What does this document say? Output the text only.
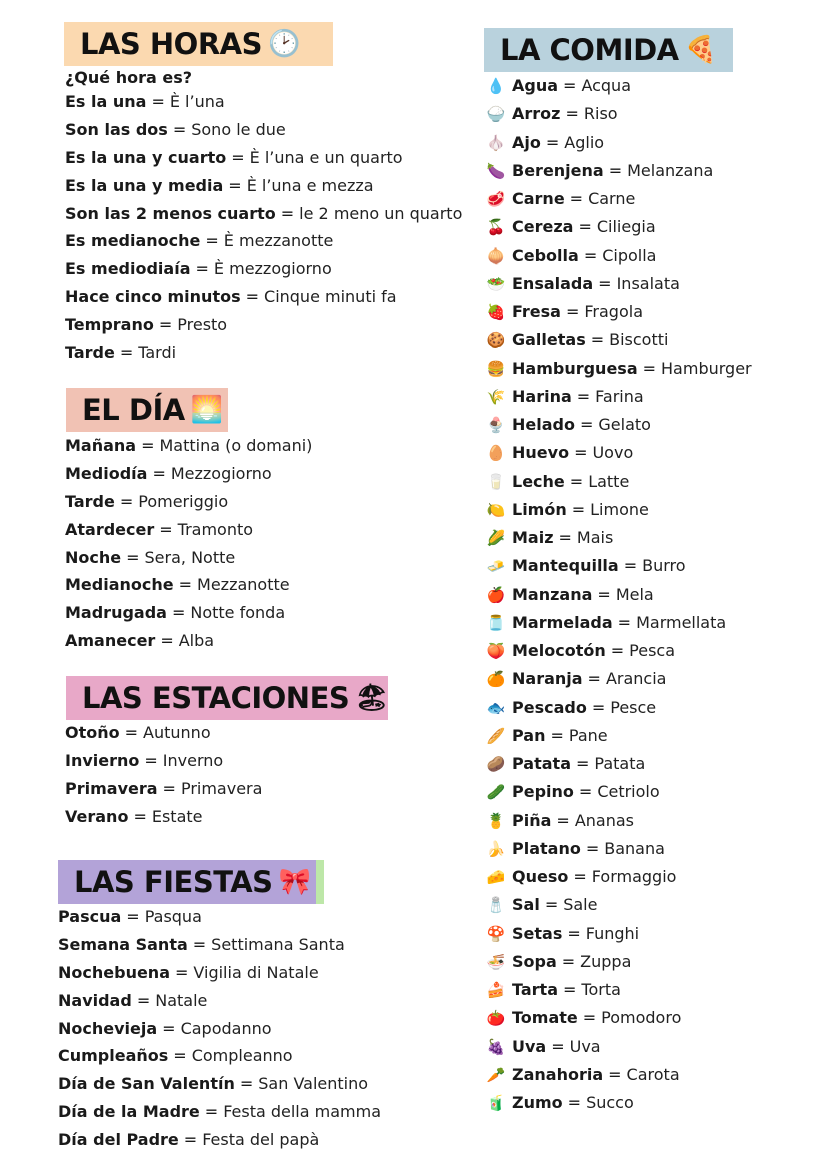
LAS HORAS 🕑
¿Qué hora es?
Es la una = È l’una
Son las dos = Sono le due
Es la una y cuarto = È l’una e un quarto
Es la una y media = È l’una e mezza
Son las 2 menos cuarto = le 2 meno un quarto
Es medianoche = È mezzanotte
Es mediodiaía = È mezzogiorno
Hace cinco minutos = Cinque minuti fa
Temprano = Presto
Tarde = Tardi
EL DÍA 🌅
Mañana = Mattina (o domani)
Mediodía = Mezzogiorno
Tarde = Pomeriggio
Atardecer = Tramonto
Noche = Sera, Notte
Medianoche = Mezzanotte
Madrugada = Notte fonda
Amanecer = Alba
LAS ESTACIONES 🏖
Otoño = Autunno
Invierno = Inverno
Primavera = Primavera
Verano = Estate
LAS FIESTAS 🎀
Pascua = Pasqua
Semana Santa = Settimana Santa
Nochebuena = Vigilia di Natale
Navidad = Natale
Nochevieja = Capodanno
Cumpleaños = Compleanno
Día de San Valentín = San Valentino
Día de la Madre = Festa della mamma
Día del Padre = Festa del papà
LA COMIDA 🍕
💧 Agua = Acqua
🍚 Arroz = Riso
🧄 Ajo = Aglio
🍆 Berenjena = Melanzana
🥩 Carne = Carne
🍒 Cereza = Ciliegia
🧅 Cebolla = Cipolla
🥗 Ensalada = Insalata
🍓 Fresa = Fragola
🍪 Galletas = Biscotti
🍔 Hamburguesa = Hamburger
🌾 Harina = Farina
🍨 Helado = Gelato
🥚 Huevo = Uovo
🥛 Leche = Latte
🍋 Limón = Limone
🌽 Maiz = Mais
🧈 Mantequilla = Burro
🍎 Manzana = Mela
🫙 Marmelada = Marmellata
🍑 Melocotón = Pesca
🍊 Naranja = Arancia
🐟 Pescado = Pesce
🥖 Pan = Pane
🥔 Patata = Patata
🥒 Pepino = Cetriolo
🍍 Piña = Ananas
🍌 Platano = Banana
🧀 Queso = Formaggio
🧂 Sal = Sale
🍄 Setas = Funghi
🍜 Sopa = Zuppa
🍰 Tarta = Torta
🍅 Tomate = Pomodoro
🍇 Uva = Uva
🥕 Zanahoria = Carota
🧃 Zumo = Succo
